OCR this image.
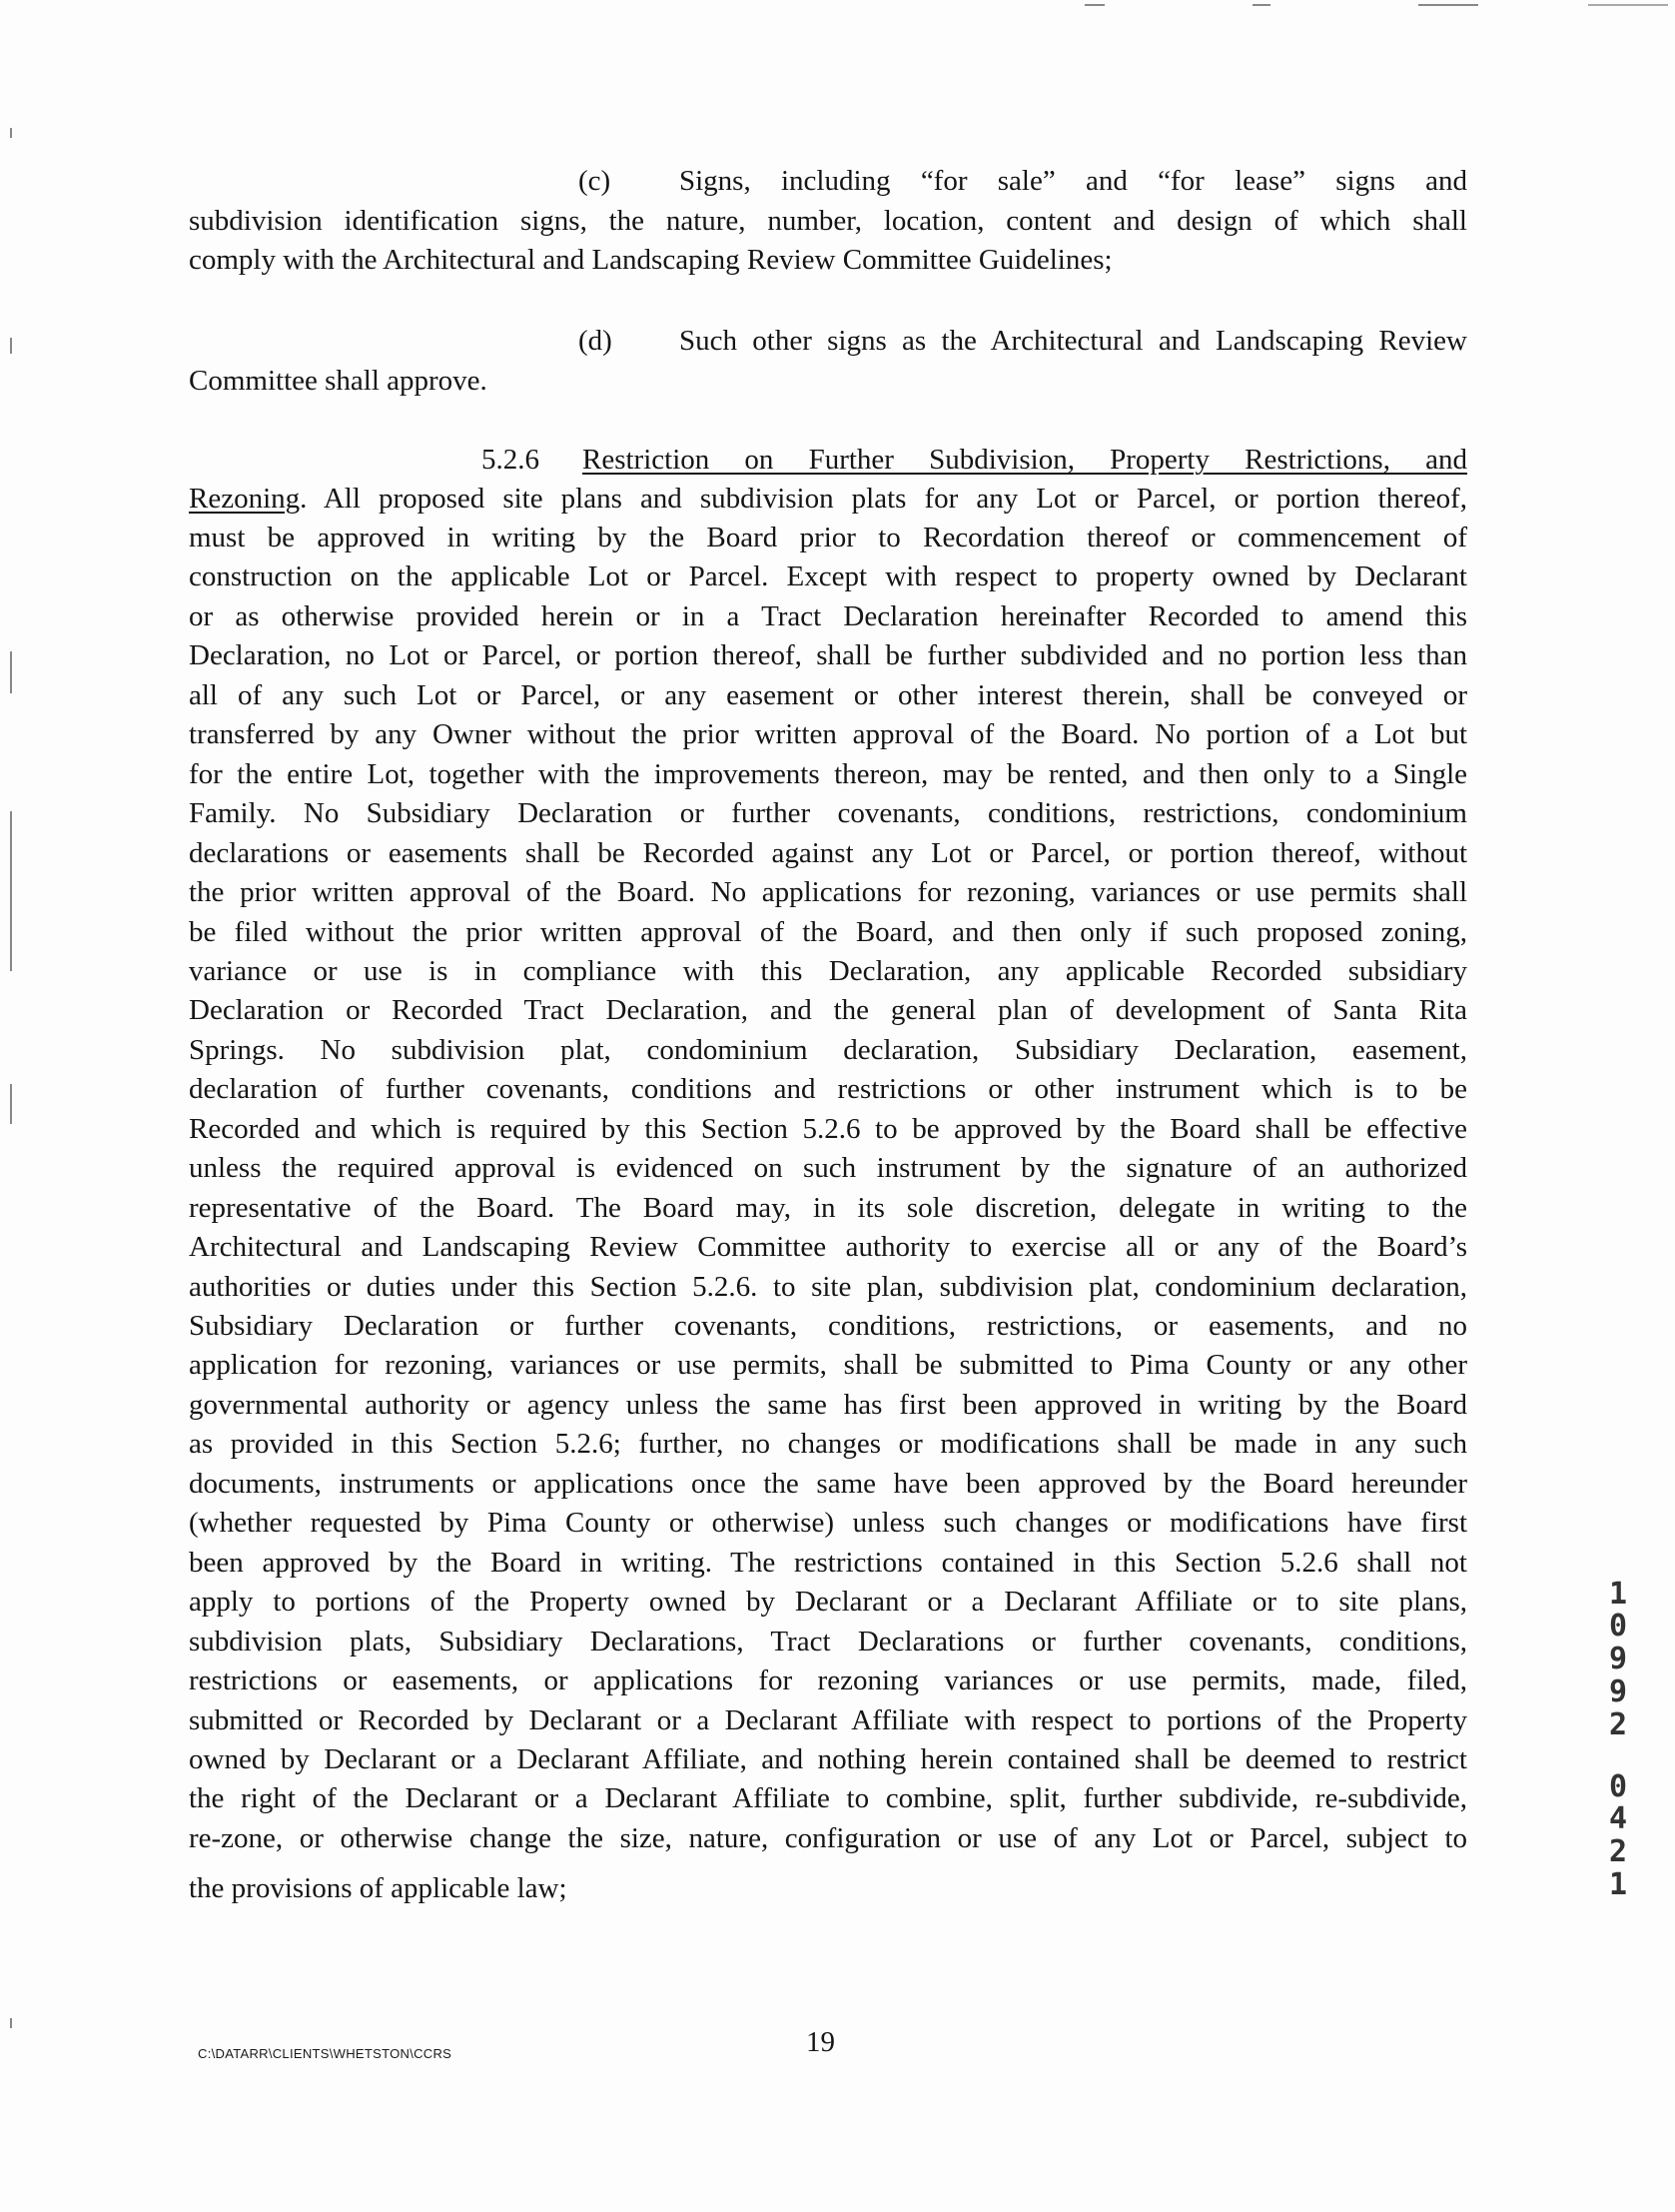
(c) Signs, including “for sale” and “for lease” signs and
subdivision identification signs, the nature, number, location, content and design of which shall
comply with the Architectural and Landscaping Review Committee Guidelines;
(d) Such other signs as the Architectural and Landscaping Review
Committee shall approve.
5.2.6 Restriction on Further Subdivision, Property Restrictions, and
Rezoning. All proposed site plans and subdivision plats for any Lot or Parcel, or portion thereof,
must be approved in writing by the Board prior to Recordation thereof or commencement of
construction on the applicable Lot or Parcel. Except with respect to property owned by Declarant
or as otherwise provided herein or in a Tract Declaration hereinafter Recorded to amend this
Declaration, no Lot or Parcel, or portion thereof, shall be further subdivided and no portion less than
all of any such Lot or Parcel, or any easement or other interest therein, shall be conveyed or
transferred by any Owner without the prior written approval of the Board. No portion of a Lot but
for the entire Lot, together with the improvements thereon, may be rented, and then only to a Single
Family. No Subsidiary Declaration or further covenants, conditions, restrictions, condominium
declarations or easements shall be Recorded against any Lot or Parcel, or portion thereof, without
the prior written approval of the Board. No applications for rezoning, variances or use permits shall
be filed without the prior written approval of the Board, and then only if such proposed zoning,
variance or use is in compliance with this Declaration, any applicable Recorded subsidiary
Declaration or Recorded Tract Declaration, and the general plan of development of Santa Rita
Springs. No subdivision plat, condominium declaration, Subsidiary Declaration, easement,
declaration of further covenants, conditions and restrictions or other instrument which is to be
Recorded and which is required by this Section 5.2.6 to be approved by the Board shall be effective
unless the required approval is evidenced on such instrument by the signature of an authorized
representative of the Board. The Board may, in its sole discretion, delegate in writing to the
Architectural and Landscaping Review Committee authority to exercise all or any of the Board’s
authorities or duties under this Section 5.2.6. to site plan, subdivision plat, condominium declaration,
Subsidiary Declaration or further covenants, conditions, restrictions, or easements, and no
application for rezoning, variances or use permits, shall be submitted to Pima County or any other
governmental authority or agency unless the same has first been approved in writing by the Board
as provided in this Section 5.2.6; further, no changes or modifications shall be made in any such
documents, instruments or applications once the same have been approved by the Board hereunder
(whether requested by Pima County or otherwise) unless such changes or modifications have first
been approved by the Board in writing. The restrictions contained in this Section 5.2.6 shall not
apply to portions of the Property owned by Declarant or a Declarant Affiliate or to site plans,
subdivision plats, Subsidiary Declarations, Tract Declarations or further covenants, conditions,
restrictions or easements, or applications for rezoning variances or use permits, made, filed,
submitted or Recorded by Declarant or a Declarant Affiliate with respect to portions of the Property
owned by Declarant or a Declarant Affiliate, and nothing herein contained shall be deemed to restrict
the right of the Declarant or a Declarant Affiliate to combine, split, further subdivide, re-subdivide,
re-zone, or otherwise change the size, nature, configuration or use of any Lot or Parcel, subject to
the provisions of applicable law;
1
0
9
9
2
0
4
2
1
C:\DATARR\CLIENTS\WHETSTON\CCRS	19
